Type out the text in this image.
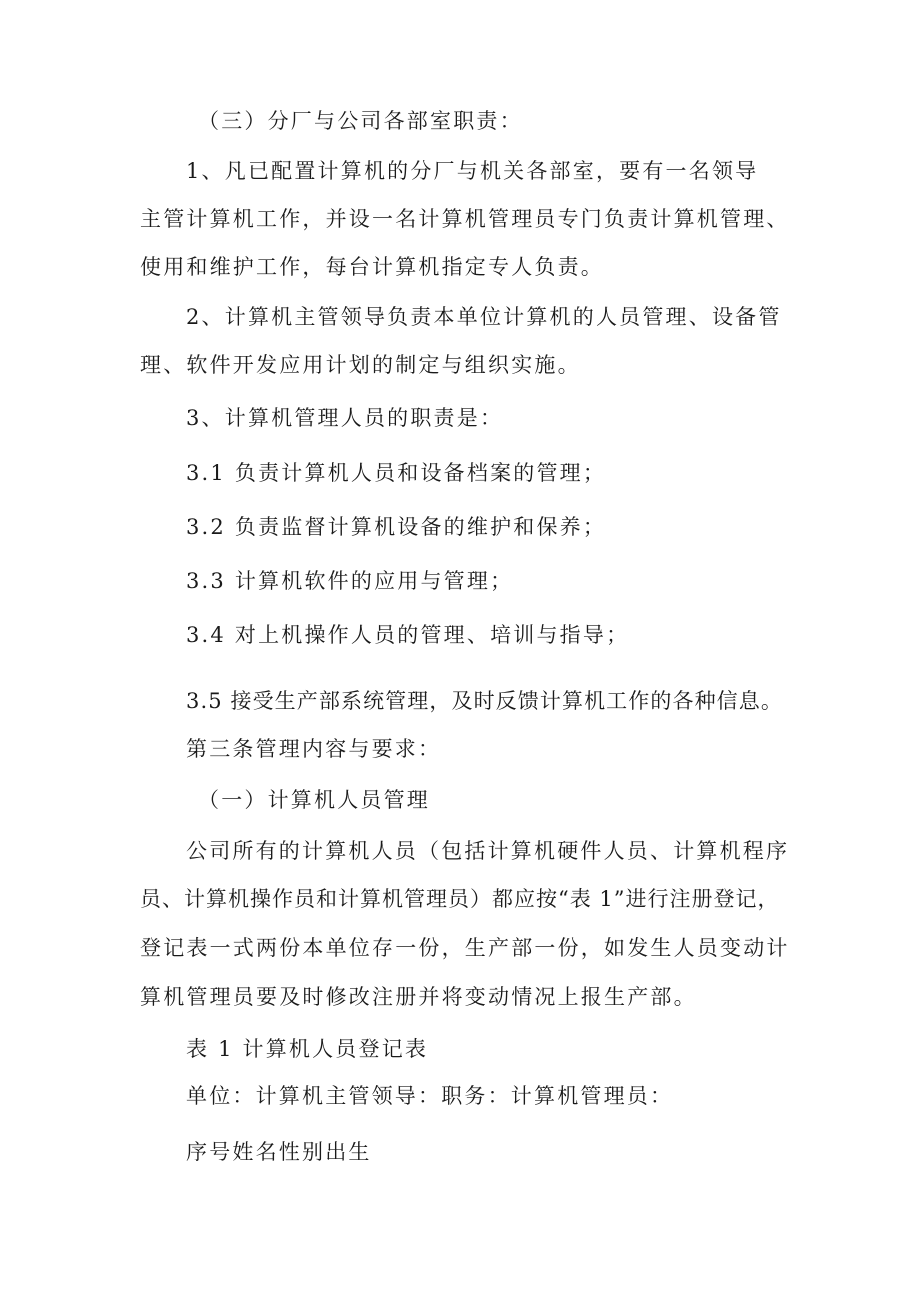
（三）分厂与公司各部室职责：
1、凡已配置计算机的分厂与机关各部室，要有一名领导
主管计算机工作，并设一名计算机管理员专门负责计算机管理、
使用和维护工作，每台计算机指定专人负责。
2、计算机主管领导负责本单位计算机的人员管理、设备管
理、软件开发应用计划的制定与组织实施。
3、计算机管理人员的职责是：
3.1 负责计算机人员和设备档案的管理；
3.2 负责监督计算机设备的维护和保养；
3.3 计算机软件的应用与管理；
3.4 对上机操作人员的管理、培训与指导；
3.5 接受生产部系统管理，及时反馈计算机工作的各种信息。
第三条管理内容与要求：
（一）计算机人员管理
公司所有的计算机人员（包括计算机硬件人员、计算机程序
员、计算机操作员和计算机管理员）都应按“表 1”进行注册登记，
登记表一式两份本单位存一份，生产部一份，如发生人员变动计
算机管理员要及时修改注册并将变动情况上报生产部。
表 1 计算机人员登记表
单位：计算机主管领导：职务：计算机管理员：
序号姓名性别出生
